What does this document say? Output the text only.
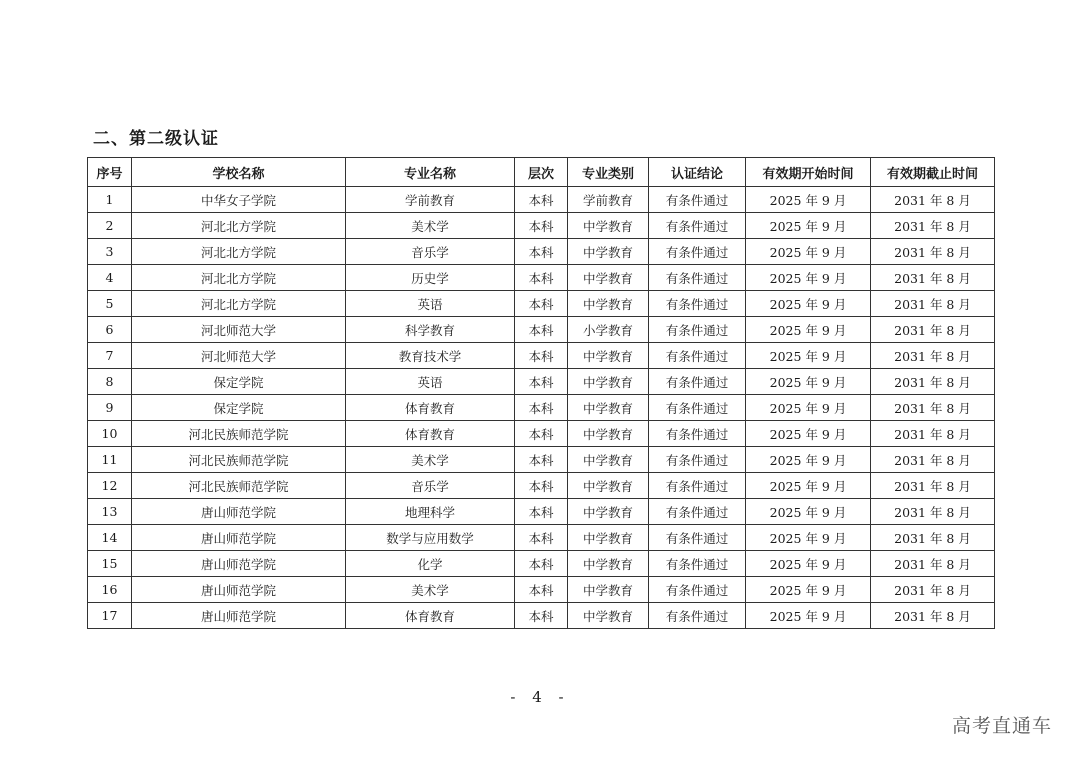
二、第二级认证
序号	学校名称	专业名称	层次	专业类别	认证结论	有效期开始时间	有效期截止时间
1	中华女子学院	学前教育	本科	学前教育	有条件通过	2025 年 9 月	2031 年 8 月
2	河北北方学院	美术学	本科	中学教育	有条件通过	2025 年 9 月	2031 年 8 月
3	河北北方学院	音乐学	本科	中学教育	有条件通过	2025 年 9 月	2031 年 8 月
4	河北北方学院	历史学	本科	中学教育	有条件通过	2025 年 9 月	2031 年 8 月
5	河北北方学院	英语	本科	中学教育	有条件通过	2025 年 9 月	2031 年 8 月
6	河北师范大学	科学教育	本科	小学教育	有条件通过	2025 年 9 月	2031 年 8 月
7	河北师范大学	教育技术学	本科	中学教育	有条件通过	2025 年 9 月	2031 年 8 月
8	保定学院	英语	本科	中学教育	有条件通过	2025 年 9 月	2031 年 8 月
9	保定学院	体育教育	本科	中学教育	有条件通过	2025 年 9 月	2031 年 8 月
10	河北民族师范学院	体育教育	本科	中学教育	有条件通过	2025 年 9 月	2031 年 8 月
11	河北民族师范学院	美术学	本科	中学教育	有条件通过	2025 年 9 月	2031 年 8 月
12	河北民族师范学院	音乐学	本科	中学教育	有条件通过	2025 年 9 月	2031 年 8 月
13	唐山师范学院	地理科学	本科	中学教育	有条件通过	2025 年 9 月	2031 年 8 月
14	唐山师范学院	数学与应用数学	本科	中学教育	有条件通过	2025 年 9 月	2031 年 8 月
15	唐山师范学院	化学	本科	中学教育	有条件通过	2025 年 9 月	2031 年 8 月
16	唐山师范学院	美术学	本科	中学教育	有条件通过	2025 年 9 月	2031 年 8 月
17	唐山师范学院	体育教育	本科	中学教育	有条件通过	2025 年 9 月	2031 年 8 月
- 4 -
高考直通车
